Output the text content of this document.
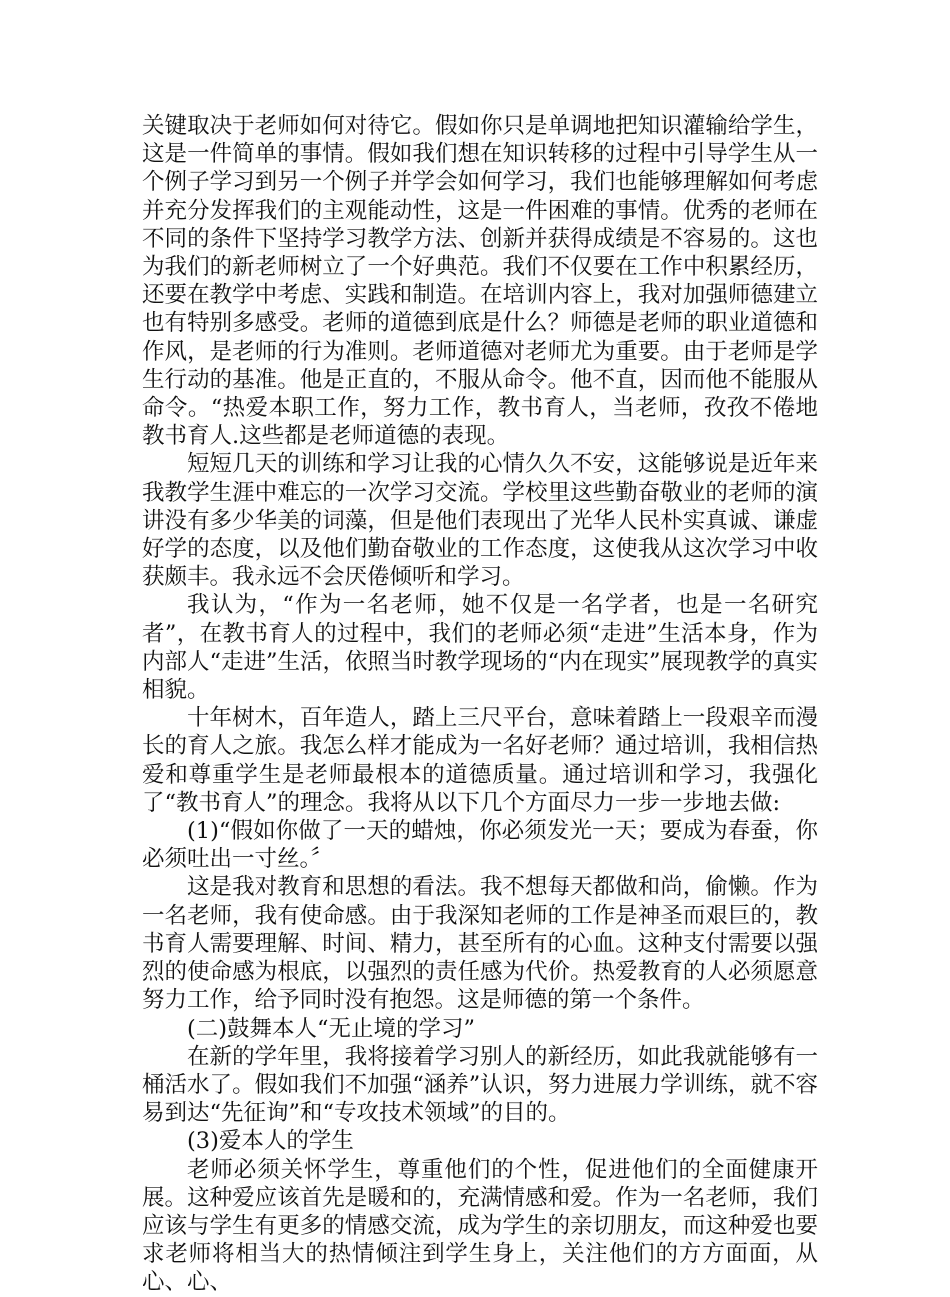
关键取决于老师如何对待它。假如你只是单调地把知识灌输给学生，这是一件简单的事情。假如我们想在知识转移的过程中引导学生从一个例子学习到另一个例子并学会如何学习，我们也能够理解如何考虑并充分发挥我们的主观能动性，这是一件困难的事情。优秀的老师在不同的条件下坚持学习教学方法、创新并获得成绩是不容易的。这也为我们的新老师树立了一个好典范。我们不仅要在工作中积累经历，还要在教学中考虑、实践和制造。在培训内容上，我对加强师德建立也有特别多感受。老师的道德到底是什么？师德是老师的职业道德和作风，是老师的行为准则。老师道德对老师尤为重要。由于老师是学生行动的基准。他是正直的，不服从命令。他不直，因而他不能服从命令。“热爱本职工作，努力工作，教书育人，当老师，孜孜不倦地教书育人.这些都是老师道德的表现。

短短几天的训练和学习让我的心情久久不安，这能够说是近年来我教学生涯中难忘的一次学习交流。学校里这些勤奋敬业的老师的演讲没有多少华美的词藻，但是他们表现出了光华人民朴实真诚、谦虚好学的态度，以及他们勤奋敬业的工作态度，这使我从这次学习中收获颇丰。我永远不会厌倦倾听和学习。

我认为，“作为一名老师，她不仅是一名学者，也是一名研究者”，在教书育人的过程中，我们的老师必须“走进”生活本身，作为内部人“走进”生活，依照当时教学现场的“内在现实”展现教学的真实相貌。

十年树木，百年造人，踏上三尺平台，意味着踏上一段艰辛而漫长的育人之旅。我怎么样才能成为一名好老师？通过培训，我相信热爱和尊重学生是老师最根本的道德质量。通过培训和学习，我强化了“教书育人”的理念。我将从以下几个方面尽力一步一步地去做:

(1)“假如你做了一天的蜡烛，你必须发光一天；要成为春蚕，你必须吐出一寸丝。〞

这是我对教育和思想的看法。我不想每天都做和尚，偷懒。作为一名老师，我有使命感。由于我深知老师的工作是神圣而艰巨的，教书育人需要理解、时间、精力，甚至所有的心血。这种支付需要以强烈的使命感为根底，以强烈的责任感为代价。热爱教育的人必须愿意努力工作，给予同时没有抱怨。这是师德的第一个条件。

(二)鼓舞本人“无止境的学习”

在新的学年里，我将接着学习别人的新经历，如此我就能够有一桶活水了。假如我们不加强“涵养”认识，努力进展力学训练，就不容易到达“先征询”和“专攻技术领域”的目的。

(3)爱本人的学生

老师必须关怀学生，尊重他们的个性，促进他们的全面健康开展。这种爱应该首先是暖和的，充满情感和爱。作为一名老师，我们应该与学生有更多的情感交流，成为学生的亲切朋友，而这种爱也要求老师将相当大的热情倾注到学生身上，关注他们的方方面面，从心、心、
